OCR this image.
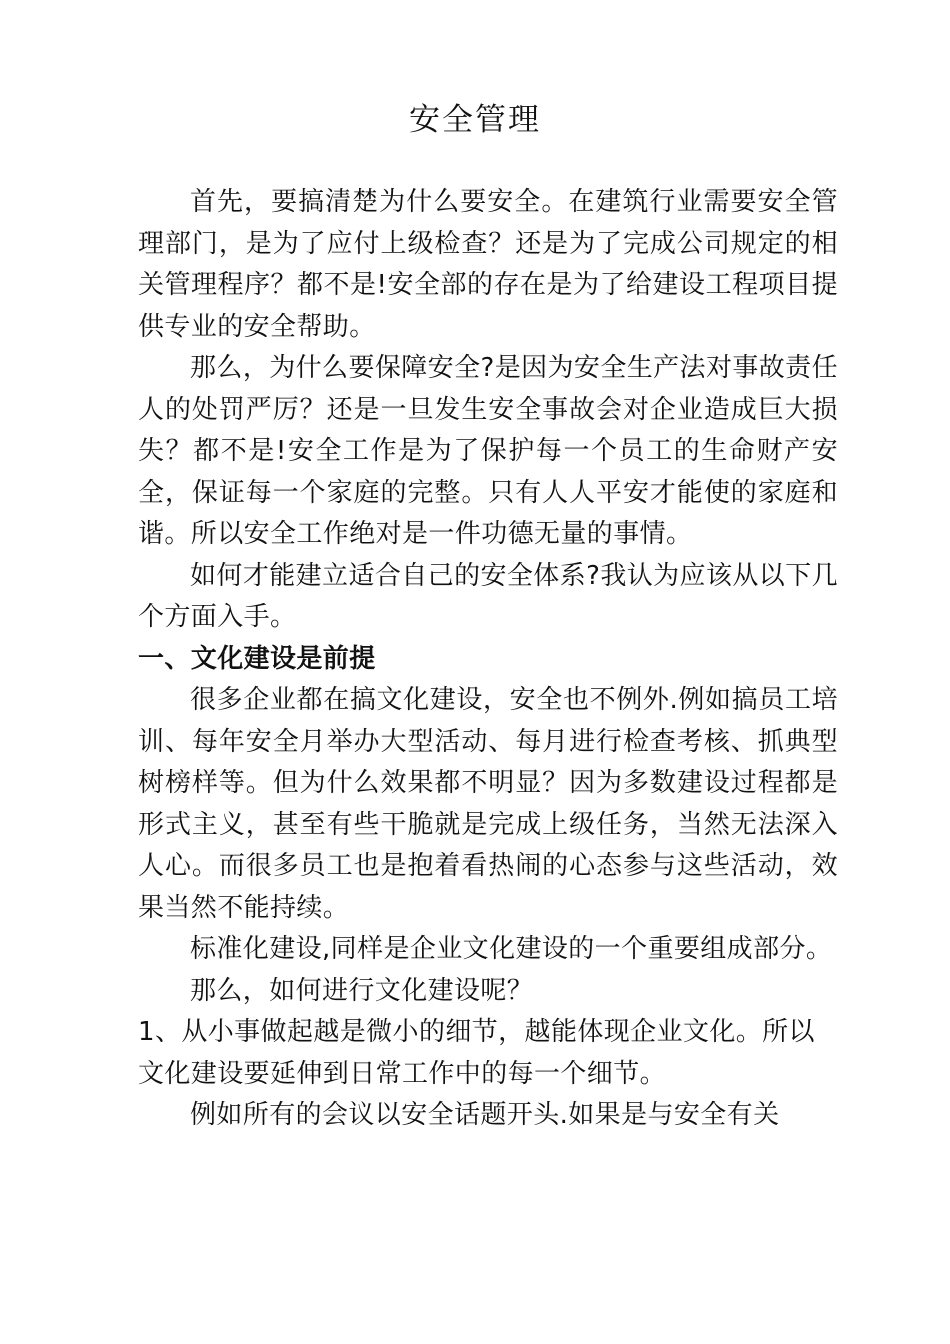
安全管理

首先，要搞清楚为什么要安全。在建筑行业需要安全管理部门，是为了应付上级检查？还是为了完成公司规定的相关管理程序？都不是!安全部的存在是为了给建设工程项目提供专业的安全帮助。

那么，为什么要保障安全?是因为安全生产法对事故责任人的处罚严厉？还是一旦发生安全事故会对企业造成巨大损失？都不是!安全工作是为了保护每一个员工的生命财产安全，保证每一个家庭的完整。只有人人平安才能使的家庭和谐。所以安全工作绝对是一件功德无量的事情。

如何才能建立适合自己的安全体系?我认为应该从以下几个方面入手。

一、文化建设是前提

很多企业都在搞文化建设，安全也不例外.例如搞员工培训、每年安全月举办大型活动、每月进行检查考核、抓典型树榜样等。但为什么效果都不明显？因为多数建设过程都是形式主义，甚至有些干脆就是完成上级任务，当然无法深入人心。而很多员工也是抱着看热闹的心态参与这些活动，效果当然不能持续。

标准化建设,同样是企业文化建设的一个重要组成部分。那么，如何进行文化建设呢？

1、从小事做起越是微小的细节，越能体现企业文化。所以文化建设要延伸到日常工作中的每一个细节。

例如所有的会议以安全话题开头.如果是与安全有关
